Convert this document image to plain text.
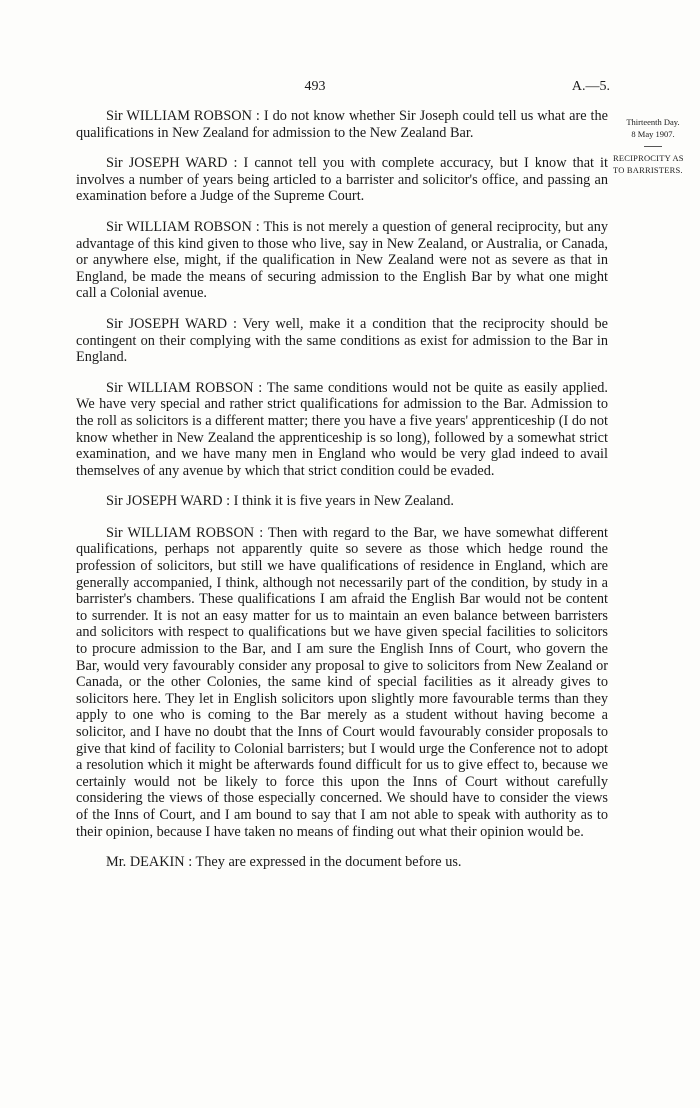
493	A.—5.
Thirteenth Day.
8 May 1907.
RECIPROCITY AS
TO BARRISTERS.

Sir WILLIAM ROBSON : I do not know whether Sir Joseph could tell us what are the qualifications in New Zealand for admission to the New Zealand Bar.

Sir JOSEPH WARD : I cannot tell you with complete accuracy, but I know that it involves a number of years being articled to a barrister and solicitor's office, and passing an examination before a Judge of the Supreme Court.

Sir WILLIAM ROBSON : This is not merely a question of general reciprocity, but any advantage of this kind given to those who live, say in New Zealand, or Australia, or Canada, or anywhere else, might, if the qualification in New Zealand were not as severe as that in England, be made the means of securing admission to the English Bar by what one might call a Colonial avenue.

Sir JOSEPH WARD : Very well, make it a condition that the reciprocity should be contingent on their complying with the same conditions as exist for admission to the Bar in England.

Sir WILLIAM ROBSON : The same conditions would not be quite as easily applied. We have very special and rather strict qualifications for admission to the Bar. Admission to the roll as solicitors is a different matter; there you have a five years' apprenticeship (I do not know whether in New Zealand the apprenticeship is so long), followed by a somewhat strict examination, and we have many men in England who would be very glad indeed to avail themselves of any avenue by which that strict condition could be evaded.

Sir JOSEPH WARD : I think it is five years in New Zealand.

Sir WILLIAM ROBSON : Then with regard to the Bar, we have somewhat different qualifications, perhaps not apparently quite so severe as those which hedge round the profession of solicitors, but still we have qualifications of residence in England, which are generally accompanied, I think, although not necessarily part of the condition, by study in a barrister's chambers. These qualifications I am afraid the English Bar would not be content to surrender. It is not an easy matter for us to maintain an even balance between barristers and solicitors with respect to qualifications but we have given special facilities to solicitors to procure admission to the Bar, and I am sure the English Inns of Court, who govern the Bar, would very favourably consider any proposal to give to solicitors from New Zealand or Canada, or the other Colonies, the same kind of special facilities as it already gives to solicitors here. They let in English solicitors upon slightly more favourable terms than they apply to one who is coming to the Bar merely as a student without having become a solicitor, and I have no doubt that the Inns of Court would favourably consider proposals to give that kind of facility to Colonial barristers; but I would urge the Conference not to adopt a resolution which it might be afterwards found difficult for us to give effect to, because we certainly would not be likely to force this upon the Inns of Court without carefully considering the views of those especially concerned. We should have to consider the views of the Inns of Court, and I am bound to say that I am not able to speak with authority as to their opinion, because I have taken no means of finding out what their opinion would be.

Mr. DEAKIN : They are expressed in the document before us.
